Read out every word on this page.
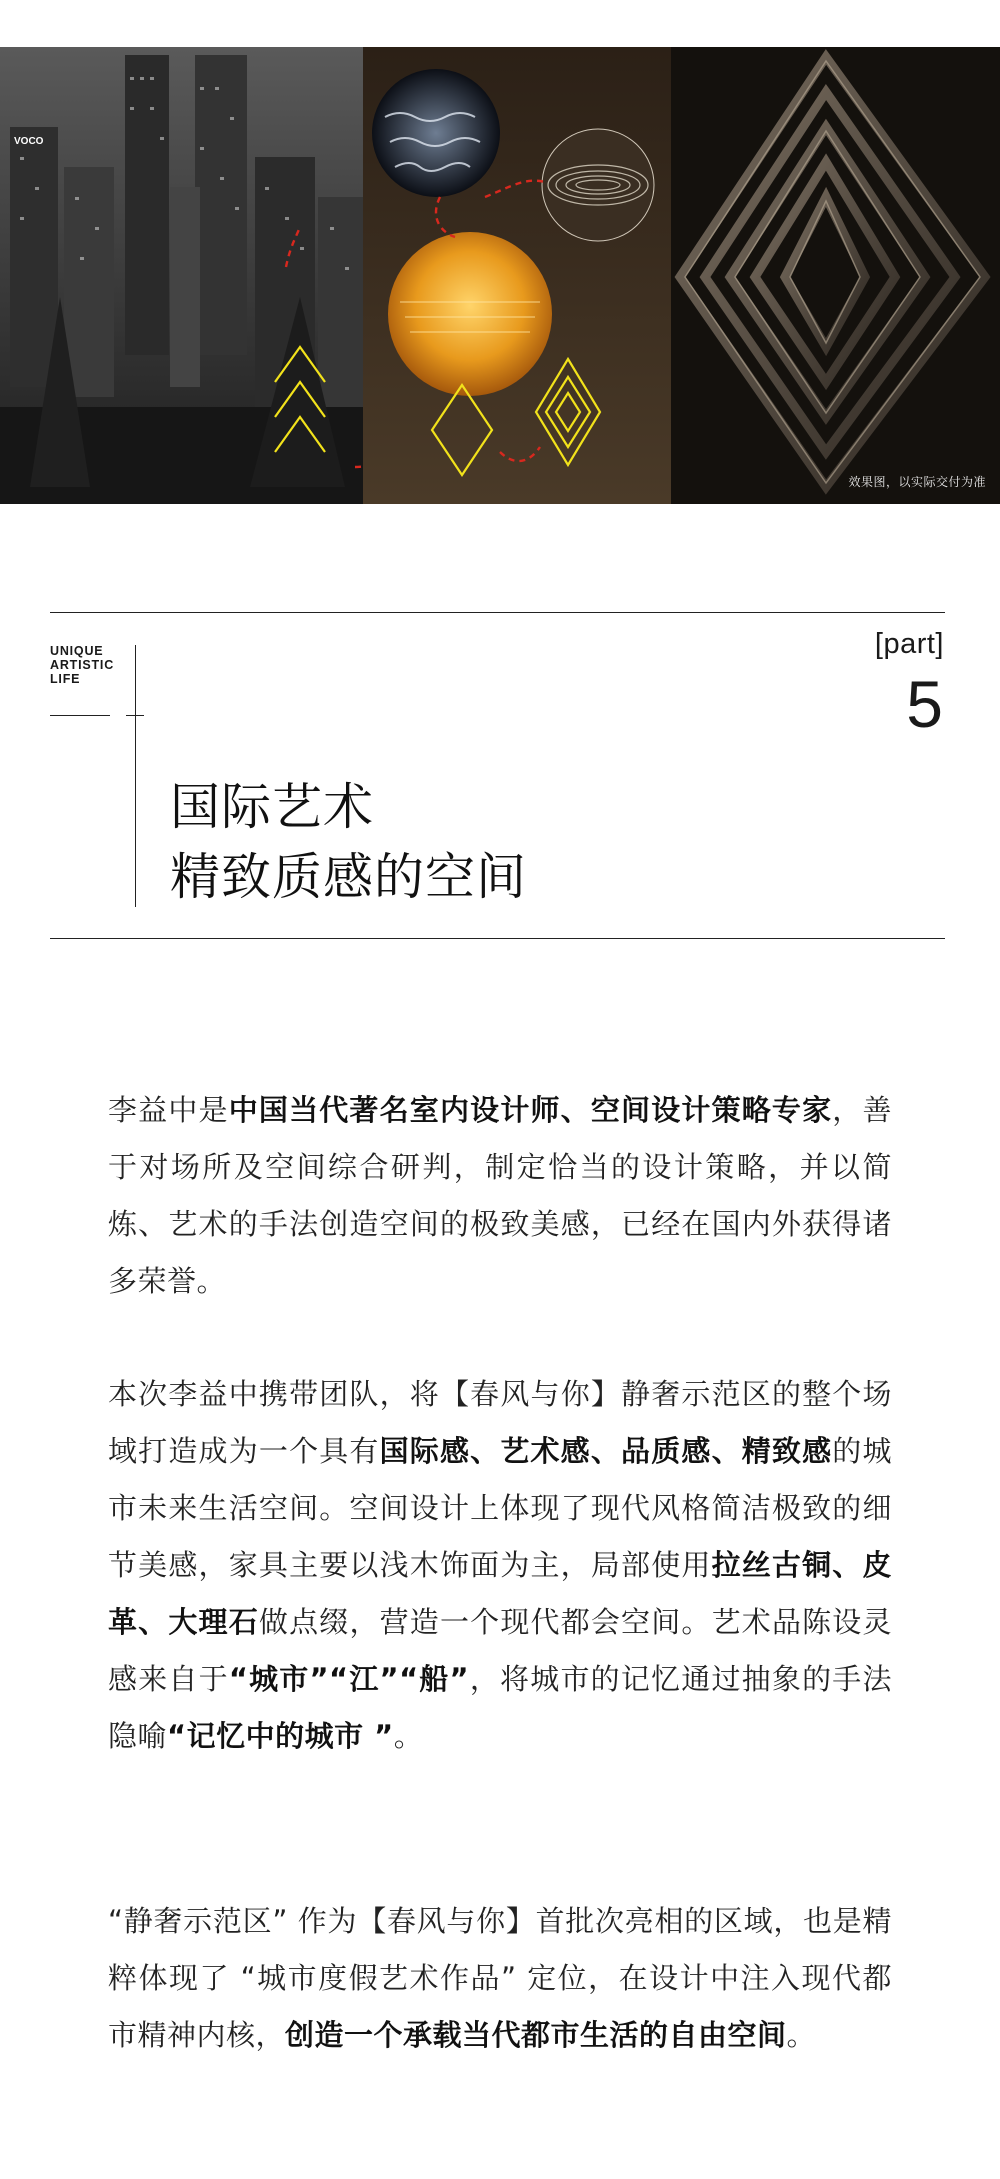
VOCO
效果图，以实际交付为准
UNIQUE
ARTISTIC
LIFE
[part]
5
国际艺术
精致质感的空间
李益中是中国当代著名室内设计师、空间设计策略专家，善于对场所及空间综合研判，制定恰当的设计策略，并以简炼、艺术的手法创造空间的极致美感，已经在国内外获得诸多荣誉。
本次李益中携带团队，将【春风与你】静奢示范区的整个场域打造成为一个具有国际感、艺术感、品质感、精致感的城市未来生活空间。空间设计上体现了现代风格简洁极致的细节美感，家具主要以浅木饰面为主，局部使用拉丝古铜、皮革、大理石做点缀，营造一个现代都会空间。艺术品陈设灵感来自于“城市”“江”“船”，将城市的记忆通过抽象的手法隐喻“记忆中的城市 ”。
“静奢示范区” 作为【春风与你】首批次亮相的区域，也是精粹体现了 “城市度假艺术作品” 定位，在设计中注入现代都市精神内核，创造一个承载当代都市生活的自由空间。
